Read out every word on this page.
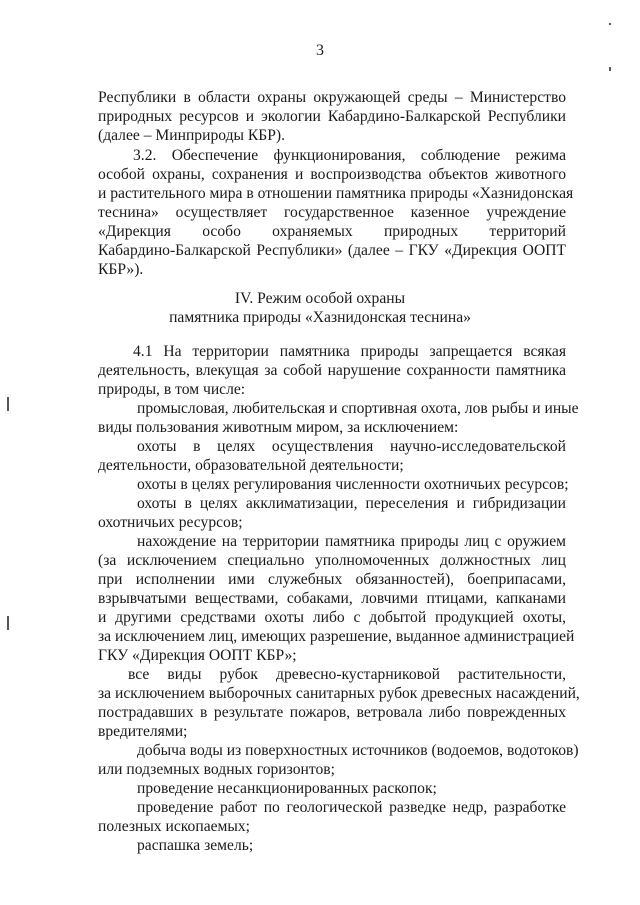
3
Республики в области охраны окружающей среды – Министерство
природных ресурсов и экологии Кабардино-Балкарской Республики
(далее – Минприроды КБР).
3.2. Обеспечение функционирования, соблюдение режима
особой охраны, сохранения и воспроизводства объектов животного
и растительного мира в отношении памятника природы «Хазнидонская
теснина» осуществляет государственное казенное учреждение
«Дирекция особо охраняемых природных территорий
Кабардино-Балкарской Республики» (далее – ГКУ «Дирекция ООПТ
КБР»).
IV. Режим особой охраны
памятника природы «Хазнидонская теснина»
4.1 На территории памятника природы запрещается всякая
деятельность, влекущая за собой нарушение сохранности памятника
природы, в том числе:
промысловая, любительская и спортивная охота, лов рыбы и иные
виды пользования животным миром, за исключением:
охоты в целях осуществления научно-исследовательской
деятельности, образовательной деятельности;
охоты в целях регулирования численности охотничьих ресурсов;
охоты в целях акклиматизации, переселения и гибридизации
охотничьих ресурсов;
нахождение на территории памятника природы лиц с оружием
(за исключением специально уполномоченных должностных лиц
при исполнении ими служебных обязанностей), боеприпасами,
взрывчатыми веществами, собаками, ловчими птицами, капканами
и другими средствами охоты либо с добытой продукцией охоты,
за исключением лиц, имеющих разрешение, выданное администрацией
ГКУ «Дирекция ООПТ КБР»;
все виды рубок древесно-кустарниковой растительности,
за исключением выборочных санитарных рубок древесных насаждений,
пострадавших в результате пожаров, ветровала либо поврежденных
вредителями;
добыча воды из поверхностных источников (водоемов, водотоков)
или подземных водных горизонтов;
проведение несанкционированных раскопок;
проведение работ по геологической разведке недр, разработке
полезных ископаемых;
распашка земель;
